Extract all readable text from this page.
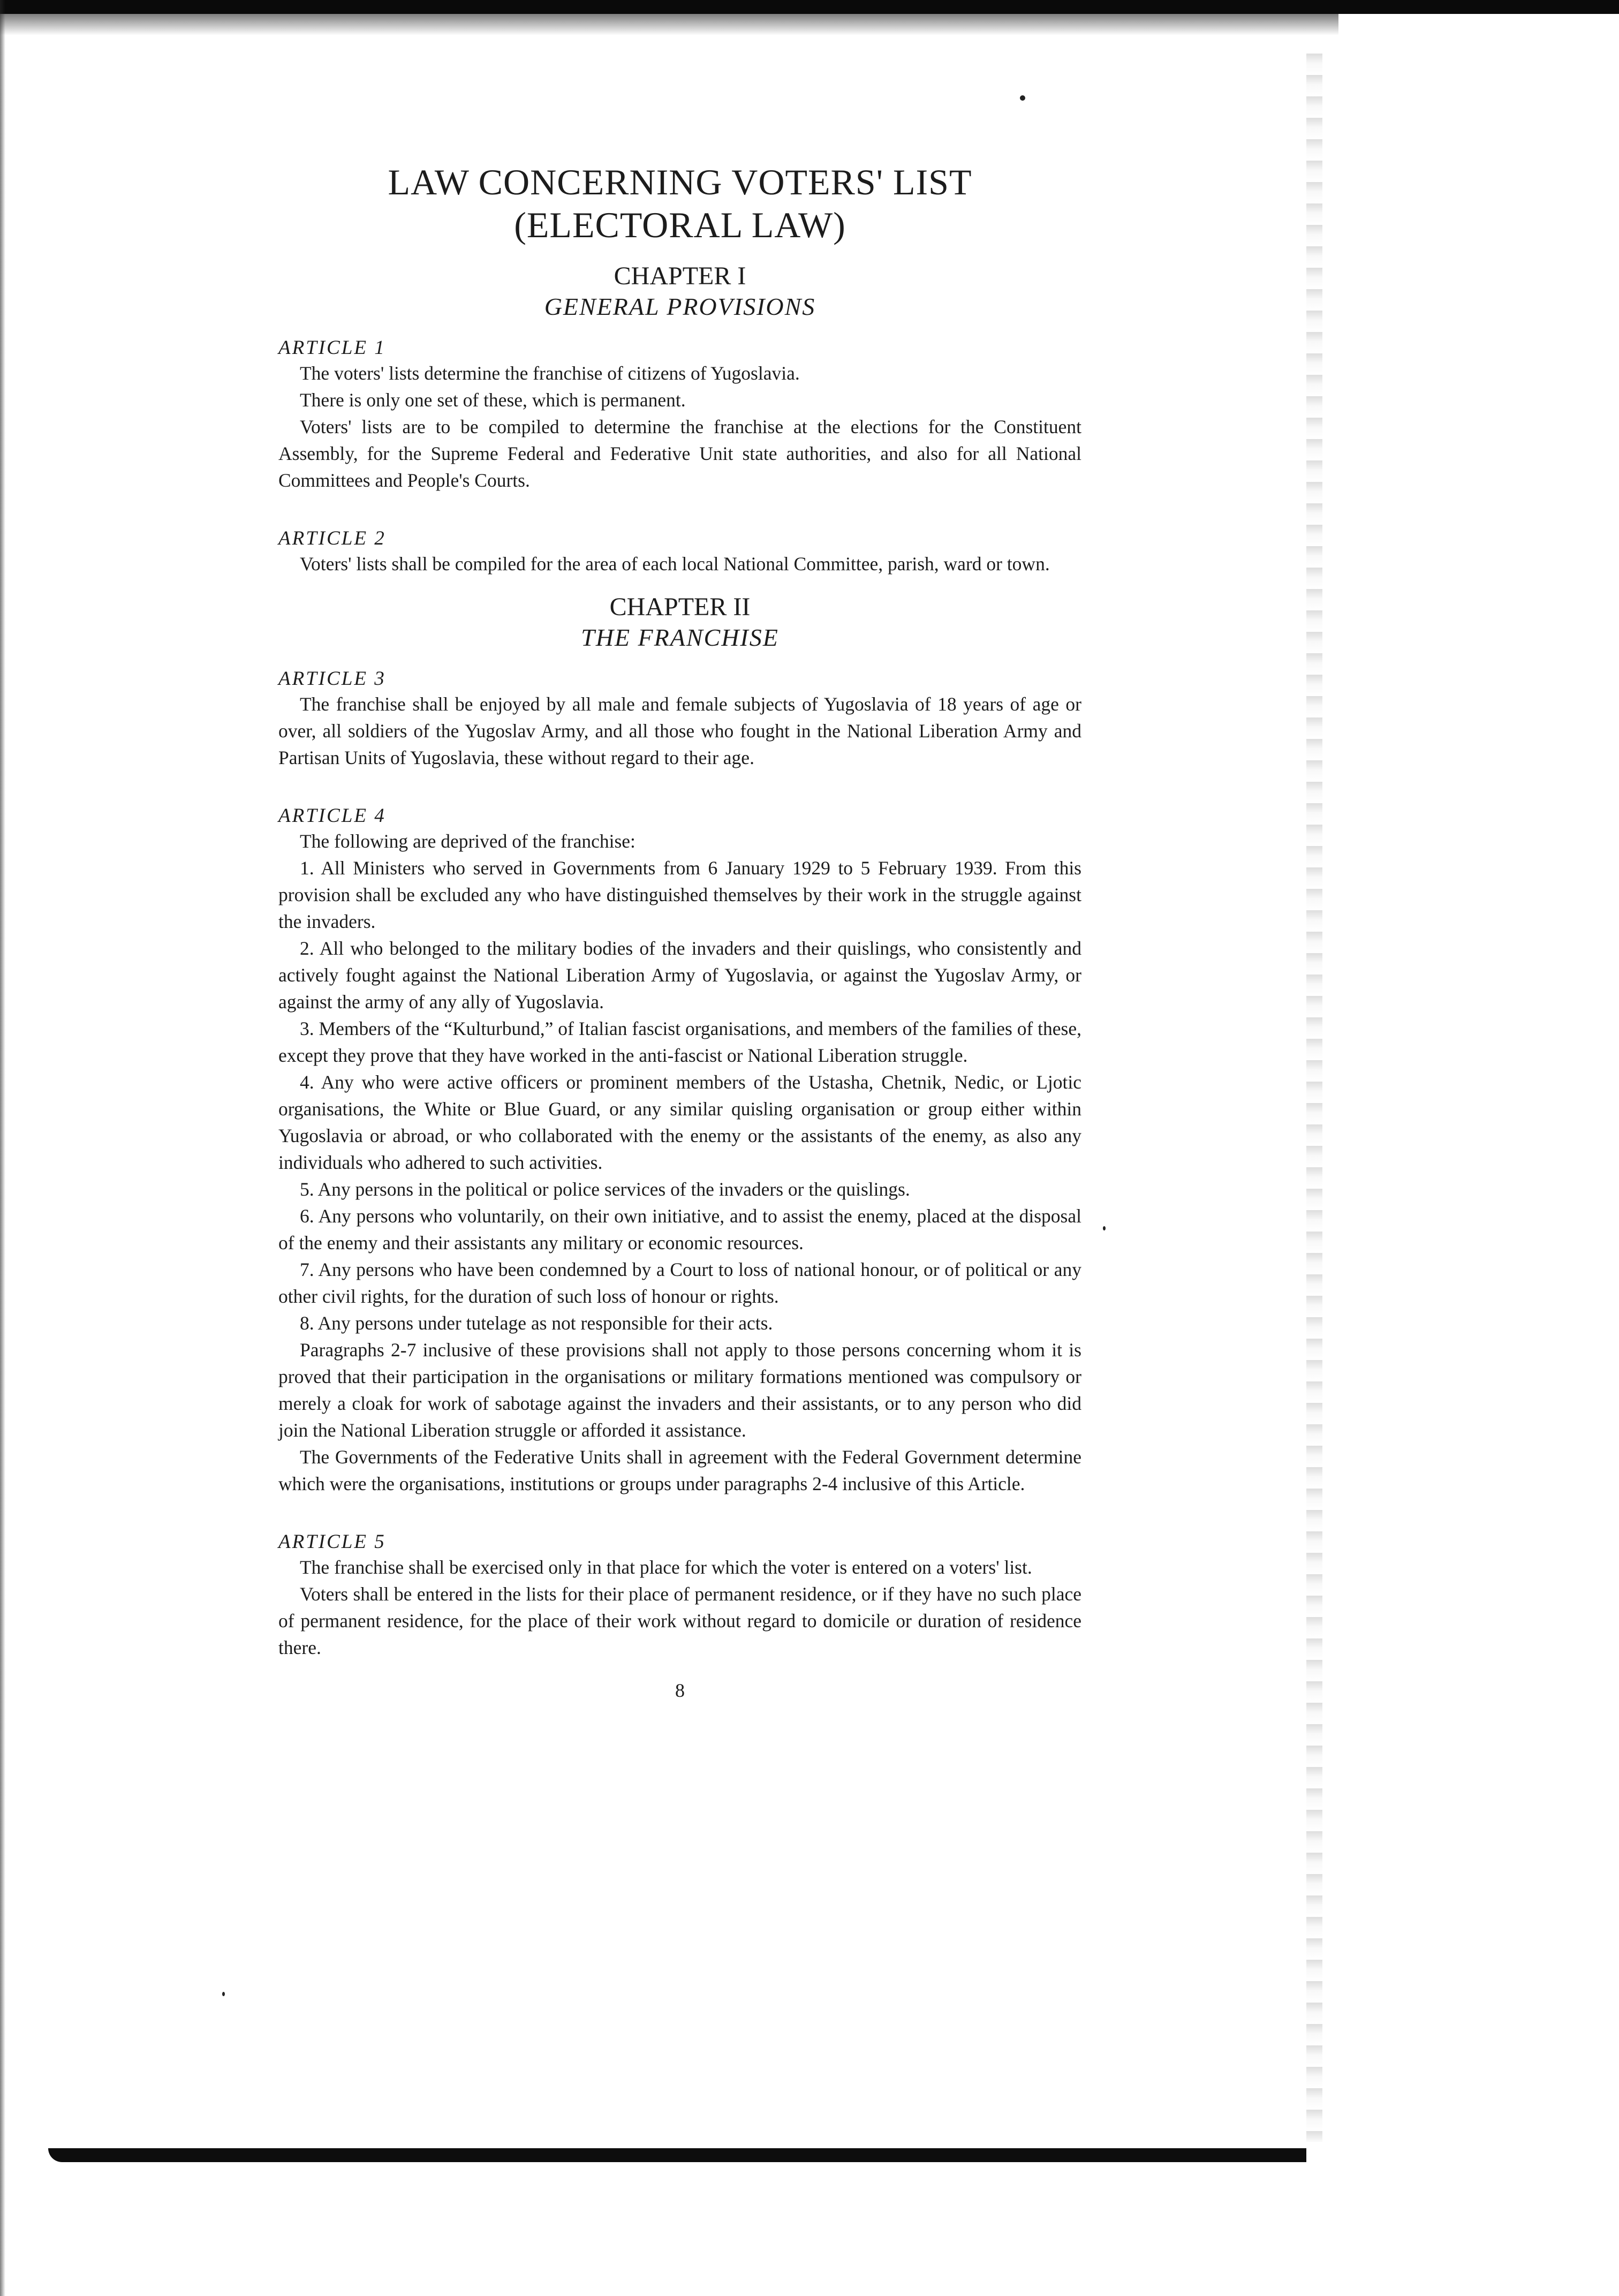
LAW CONCERNING VOTERS' LIST
(ELECTORAL LAW)
CHAPTER I
GENERAL PROVISIONS
ARTICLE 1
The voters' lists determine the franchise of citizens of Yugoslavia.
There is only one set of these, which is permanent.
Voters' lists are to be compiled to determine the franchise at the elections for the Constituent Assembly, for the Supreme Federal and Federative Unit state authorities, and also for all National Committees and People's Courts.
ARTICLE 2
Voters' lists shall be compiled for the area of each local National Committee, parish, ward or town.
CHAPTER II
THE FRANCHISE
ARTICLE 3
The franchise shall be enjoyed by all male and female subjects of Yugoslavia of 18 years of age or over, all soldiers of the Yugoslav Army, and all those who fought in the National Liberation Army and Partisan Units of Yugoslavia, these without regard to their age.
ARTICLE 4
The following are deprived of the franchise:
1. All Ministers who served in Governments from 6 January 1929 to 5 February 1939. From this provision shall be excluded any who have distinguished themselves by their work in the struggle against the invaders.
2. All who belonged to the military bodies of the invaders and their quislings, who consistently and actively fought against the National Liberation Army of Yugoslavia, or against the Yugoslav Army, or against the army of any ally of Yugoslavia.
3. Members of the “Kulturbund,” of Italian fascist organisations, and members of the families of these, except they prove that they have worked in the anti-fascist or National Liberation struggle.
4. Any who were active officers or prominent members of the Ustasha, Chetnik, Nedic, or Ljotic organisations, the White or Blue Guard, or any similar quisling organisation or group either within Yugoslavia or abroad, or who collaborated with the enemy or the assistants of the enemy, as also any individuals who adhered to such activities.
5. Any persons in the political or police services of the invaders or the quislings.
6. Any persons who voluntarily, on their own initiative, and to assist the enemy, placed at the disposal of the enemy and their assistants any military or economic resources.
7. Any persons who have been condemned by a Court to loss of national honour, or of political or any other civil rights, for the duration of such loss of honour or rights.
8. Any persons under tutelage as not responsible for their acts.
Paragraphs 2-7 inclusive of these provisions shall not apply to those persons concerning whom it is proved that their participation in the organisations or military formations mentioned was compulsory or merely a cloak for work of sabotage against the invaders and their assistants, or to any person who did join the National Liberation struggle or afforded it assistance.
The Governments of the Federative Units shall in agreement with the Federal Government determine which were the organisations, institutions or groups under paragraphs 2-4 inclusive of this Article.
ARTICLE 5
The franchise shall be exercised only in that place for which the voter is entered on a voters' list.
Voters shall be entered in the lists for their place of permanent residence, or if they have no such place of permanent residence, for the place of their work without regard to domicile or duration of residence there.
8
